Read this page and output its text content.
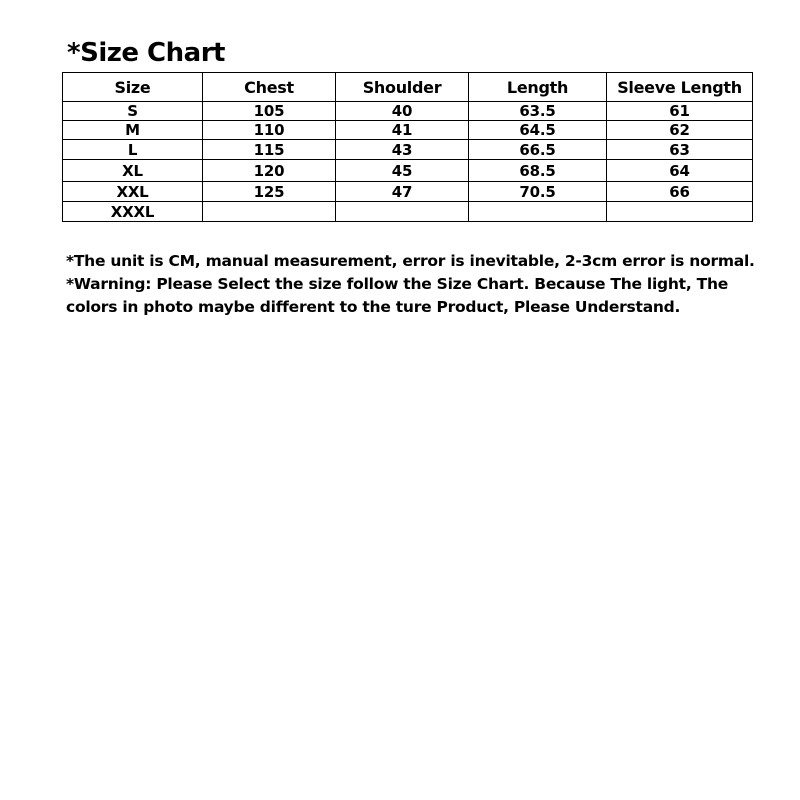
*Size Chart
Size	Chest	Shoulder	Length	Sleeve Length
S	105	40	63.5	61
M	110	41	64.5	62
L	115	43	66.5	63
XL	120	45	68.5	64
XXL	125	47	70.5	66
XXXL				

*The unit is CM, manual measurement, error is inevitable, 2-3cm error is normal.

*Warning: Please Select the size follow the Size Chart. Because The light, The

colors in photo maybe different to the ture Product, Please Understand.
